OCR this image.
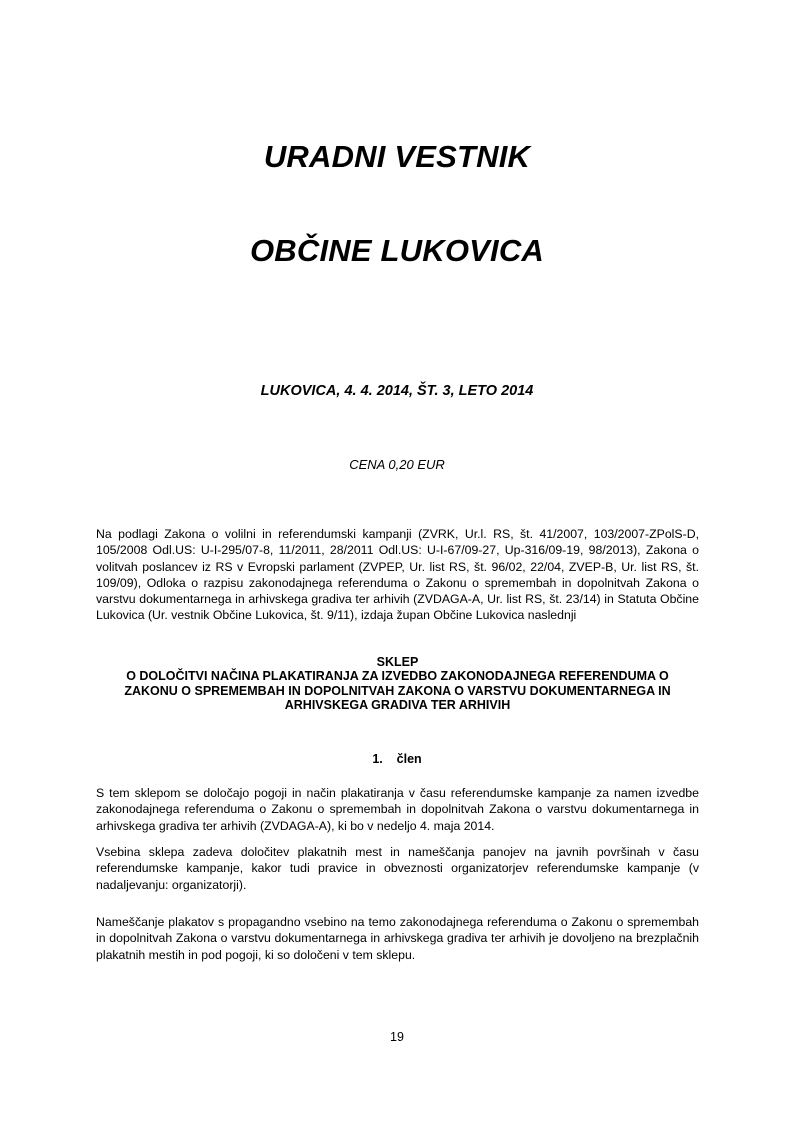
URADNI VESTNIK
OBČINE LUKOVICA
LUKOVICA, 4. 4. 2014, ŠT. 3, LETO 2014
CENA 0,20 EUR

Na podlagi Zakona o volilni in referendumski kampanji (ZVRK, Ur.l. RS, št. 41/2007, 103/2007-ZPolS-D, 105/2008 Odl.US: U-I-295/07-8, 11/2011, 28/2011 Odl.US: U-I-67/09-27, Up-316/09-19, 98/2013), Zakona o volitvah poslancev iz RS v Evropski parlament (ZVPEP, Ur. list RS, št. 96/02, 22/04, ZVEP-B, Ur. list RS, št. 109/09), Odloka o razpisu zakonodajnega referenduma o Zakonu o spremembah in dopolnitvah Zakona o varstvu dokumentarnega in arhivskega gradiva ter arhivih (ZVDAGA-A, Ur. list RS, št. 23/14) in Statuta Občine Lukovica (Ur. vestnik Občine Lukovica, št. 9/11), izdaja župan Občine Lukovica naslednji

SKLEP
O DOLOČITVI NAČINA PLAKATIRANJA ZA IZVEDBO ZAKONODAJNEGA REFERENDUMA O
ZAKONU O SPREMEMBAH IN DOPOLNITVAH ZAKONA O VARSTVU DOKUMENTARNEGA IN
ARHIVSKEGA GRADIVA TER ARHIVIH
1.    člen

S tem sklepom se določajo pogoji in način plakatiranja v času referendumske kampanje za namen izvedbe zakonodajnega referenduma o Zakonu o spremembah in dopolnitvah Zakona o varstvu dokumentarnega in arhivskega gradiva ter arhivih (ZVDAGA-A), ki bo v nedeljo 4. maja 2014.

Vsebina sklepa zadeva določitev plakatnih mest in nameščanja panojev na javnih površinah v času referendumske kampanje, kakor tudi pravice in obveznosti organizatorjev referendumske kampanje (v nadaljevanju: organizatorji).

Nameščanje plakatov s propagandno vsebino na temo zakonodajnega referenduma o Zakonu o spremembah in dopolnitvah Zakona o varstvu dokumentarnega in arhivskega gradiva ter arhivih je dovoljeno na brezplačnih plakatnih mestih in pod pogoji, ki so določeni v tem sklepu.

19
